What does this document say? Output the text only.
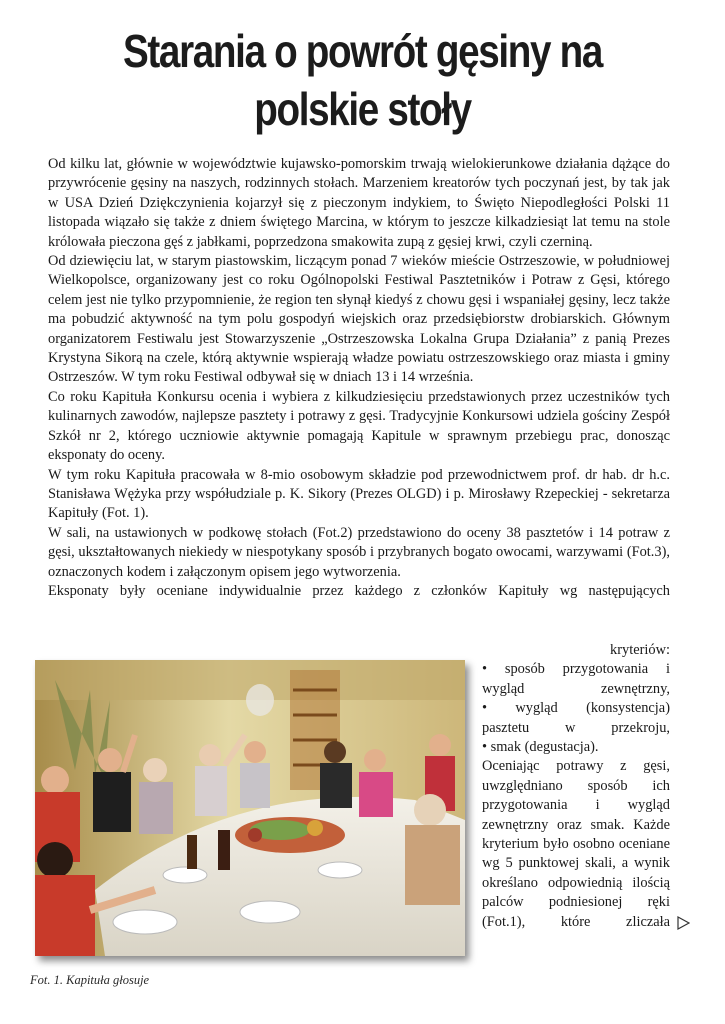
Starania o powrót gęsiny na polskie stoły

Od kilku lat, głównie w województwie kujawsko-pomorskim trwają wielokierunkowe działania dążące do przywrócenie gęsiny na naszych, rodzinnych stołach. Marzeniem kreatorów tych poczynań jest, by tak jak w USA Dzień Dziękczynienia kojarzył się z pieczonym indykiem, to Święto Niepodległości Polski 11 listopada wiązało się także z dniem świętego Marcina, w którym to jeszcze kilkadziesiąt lat temu na stole królowała pieczona gęś z jabłkami, poprzedzona smakowita zupą z gęsiej krwi, czyli czerniną.

Od dziewięciu lat, w starym piastowskim, liczącym ponad 7 wieków mieście Ostrzeszowie, w południowej Wielkopolsce, organizowany jest co roku Ogólnopolski Festiwal Pasztetników i Potraw z Gęsi, którego celem jest nie tylko przypomnienie, że region ten słynął kiedyś z chowu gęsi i wspaniałej gęsiny, lecz także ma pobudzić aktywność na tym polu gospodyń wiejskich oraz przedsiębiorstw drobiarskich. Głównym organizatorem Festiwalu jest Stowarzyszenie „Ostrzeszowska Lokalna Grupa Działania” z panią Prezes Krystyna Sikorą na czele, którą aktywnie wspierają władze powiatu ostrzeszowskiego oraz miasta i gminy Ostrzeszów. W tym roku Festiwal odbywał się w dniach 13 i 14 września.

Co roku Kapituła Konkursu ocenia i wybiera z kilkudziesięciu przedstawionych przez uczestników tych kulinarnych zawodów, najlepsze pasztety i potrawy z gęsi. Tradycyjnie Konkursowi udziela gościny Zespół Szkół nr 2, którego uczniowie aktywnie pomagają Kapitule w sprawnym przebiegu prac, donosząc eksponaty do oceny.

W tym roku Kapituła pracowała w 8-mio osobowym składzie pod przewodnictwem prof. dr hab. dr h.c. Stanisława Wężyka przy współudziale p. K. Sikory (Prezes OLGD) i p. Mirosławy Rzepeckiej - sekretarza Kapituły (Fot. 1).

W sali, na ustawionych w podkowę stołach (Fot.2) przedstawiono do oceny 38 pasztetów i 14 potraw z gęsi, ukształtowanych niekiedy w niespotykany sposób i przybranych bogato owocami, warzywami (Fot.3), oznaczonych kodem i załączonym opisem jego wytworzenia.

Eksponaty były oceniane indywidualnie przez każdego z członków Kapituły wg następujących

Fot. 1. Kapituła głosuje

kryteriów:

• sposób przygotowania i wygląd zewnętrzny,

• wygląd (konsystencja) pasztetu w przekroju,

• smak (degustacja).

Oceniając potrawy z gęsi, uwzględniano sposób ich przygotowania i wygląd zewnętrzny oraz smak. Każde kryterium było osobno oceniane wg 5 punktowej skali, a wynik określano odpowiednią ilością palców podniesionej ręki (Fot.1), które zliczała
